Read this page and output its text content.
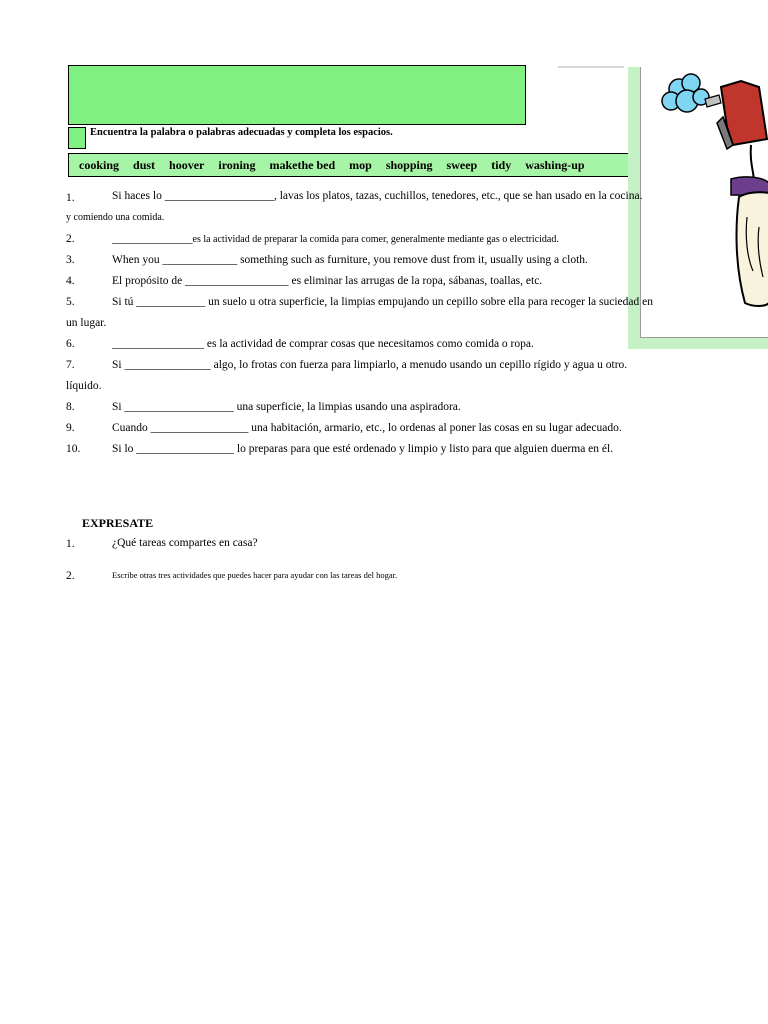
Encuentra la palabra o palabras adecuadas y completa los espacios.
cooking dust hoover ironing makethe bed mop shopping sweep tidy washing-up
1.	Si haces lo ___________________, lavas los platos, tazas, cuchillos, tenedores, etc., que se han usado en la cocina.
y comiendo una comida.
2.	______________es la actividad de preparar la comida para comer, generalmente mediante gas o electricidad.
3.	When you _____________ something such as furniture, you remove dust from it, usually using a cloth.
4.	El propósito de __________________ es eliminar las arrugas de la ropa, sábanas, toallas, etc.
5.	Si tú ____________ un suelo u otra superficie, la limpias empujando un cepillo sobre ella para recoger la suciedad en
un lugar.
6.	________________ es la actividad de comprar cosas que necesitamos como comida o ropa.
7.	Si _______________ algo, lo frotas con fuerza para limpiarlo, a menudo usando un cepillo rígido y agua u otro.
líquido.
8.	Si ___________________ una superficie, la limpias usando una aspiradora.
9.	Cuando _________________ una habitación, armario, etc., lo ordenas al poner las cosas en su lugar adecuado.
10.	Si lo _________________ lo preparas para que esté ordenado y limpio y listo para que alguien duerma en él.
EXPRESATE
1.	¿Qué tareas compartes en casa?
2.	Escribe otras tres actividades que puedes hacer para ayudar con las tareas del hogar.
